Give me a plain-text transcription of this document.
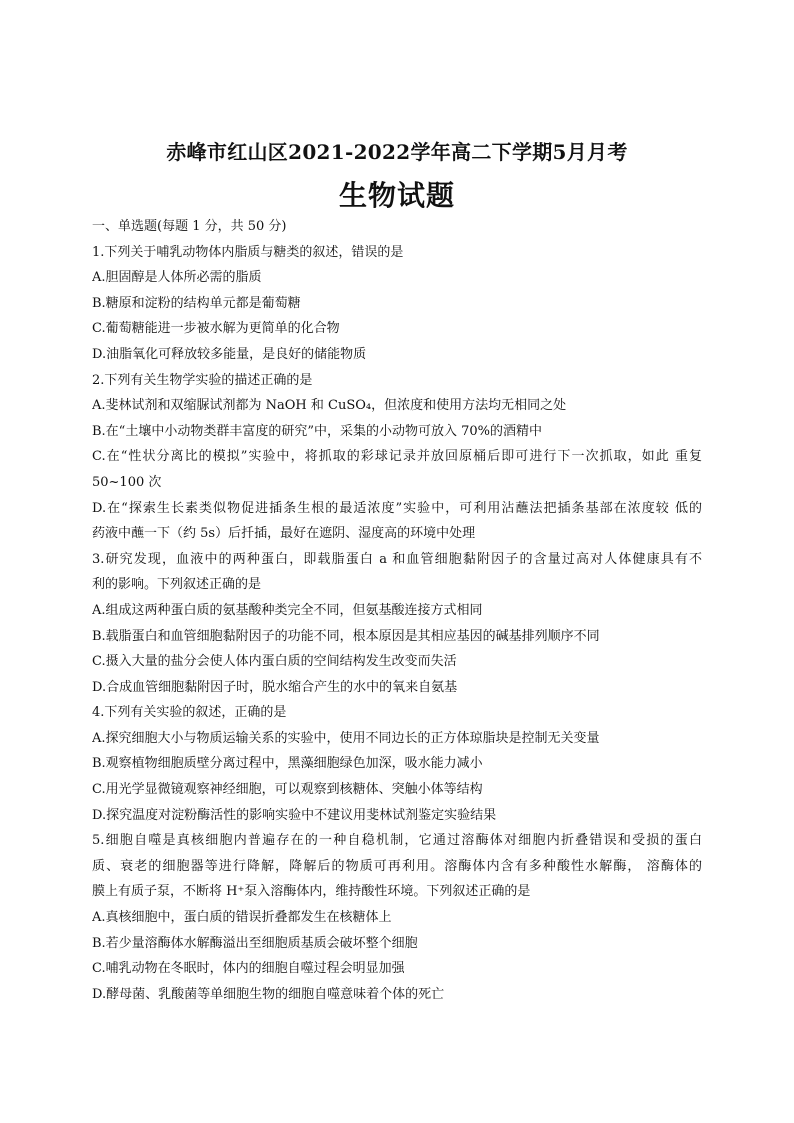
赤峰市红山区2021-2022学年高二下学期5月月考
生物试题
一、单选题(每题 1 分，共 50 分)
1.下列关于哺乳动物体内脂质与糖类的叙述，错误的是
A.胆固醇是人体所必需的脂质
B.糖原和淀粉的结构单元都是葡萄糖
C.葡萄糖能进一步被水解为更简单的化合物
D.油脂氧化可释放较多能量，是良好的储能物质
2.下列有关生物学实验的描述正确的是
A.斐林试剂和双缩脲试剂都为 NaOH 和 CuSO₄，但浓度和使用方法均无相同之处
B.在“土壤中小动物类群丰富度的研究”中，采集的小动物可放入 70%的酒精中
C.在“性状分离比的模拟”实验中，将抓取的彩球记录并放回原桶后即可进行下一次抓取，如此 重复
50~100 次
D.在“探索生长素类似物促进插条生根的最适浓度”实验中，可利用沾蘸法把插条基部在浓度较 低的
药液中蘸一下（约 5s）后扦插，最好在遮阴、湿度高的环境中处理
3.研究发现，血液中的两种蛋白，即载脂蛋白 a 和血管细胞黏附因子的含量过高对人体健康具有不
利的影响。下列叙述正确的是
A.组成这两种蛋白质的氨基酸种类完全不同，但氨基酸连接方式相同
B.载脂蛋白和血管细胞黏附因子的功能不同，根本原因是其相应基因的碱基排列顺序不同
C.摄入大量的盐分会使人体内蛋白质的空间结构发生改变而失活
D.合成血管细胞黏附因子时，脱水缩合产生的水中的氧来自氨基
4.下列有关实验的叙述，正确的是
A.探究细胞大小与物质运输关系的实验中，使用不同边长的正方体琼脂块是控制无关变量
B.观察植物细胞质壁分离过程中，黑藻细胞绿色加深，吸水能力减小
C.用光学显微镜观察神经细胞，可以观察到核糖体、突触小体等结构
D.探究温度对淀粉酶活性的影响实验中不建议用斐林试剂鉴定实验结果
5.细胞自噬是真核细胞内普遍存在的一种自稳机制，它通过溶酶体对细胞内折叠错误和受损的蛋白
质、衰老的细胞器等进行降解，降解后的物质可再利用。溶酶体内含有多种酸性水解酶， 溶酶体的
膜上有质子泵，不断将 H⁺泵入溶酶体内，维持酸性环境。下列叙述正确的是
A.真核细胞中，蛋白质的错误折叠都发生在核糖体上
B.若少量溶酶体水解酶溢出至细胞质基质会破坏整个细胞
C.哺乳动物在冬眠时，体内的细胞自噬过程会明显加强
D.酵母菌、乳酸菌等单细胞生物的细胞自噬意味着个体的死亡
